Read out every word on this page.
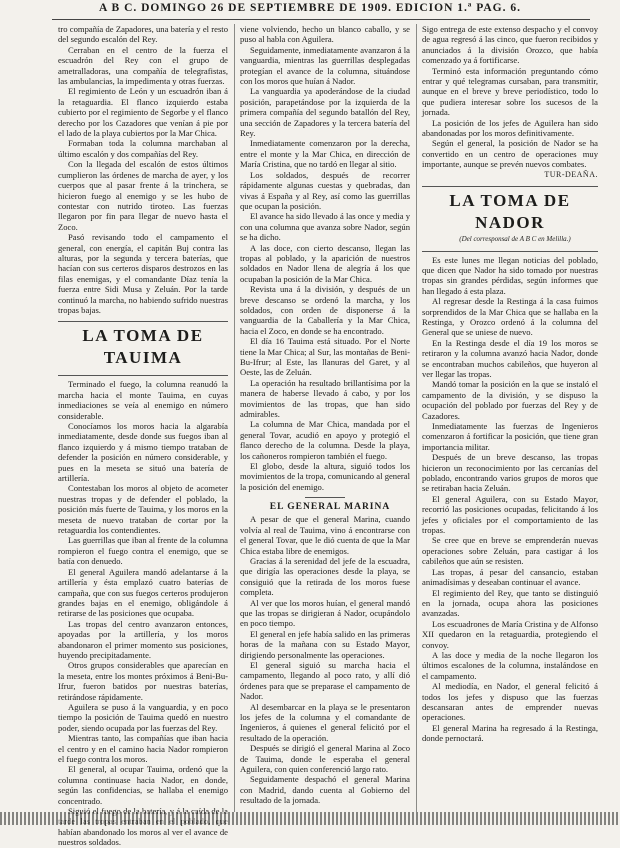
A B C. DOMINGO 26 DE SEPTIEMBRE DE 1909. EDICION 1.ª PAG. 6.

tro compañía de Zapadores, una batería y el resto del segundo escalón del Rey.

Cerraban en el centro de la fuerza el escuadrón del Rey con el grupo de ametralladoras, una compañía de telegrafistas, las ambulancias, la impedimenta y otras fuerzas.

El regimiento de León y un escuadrón iban á la retaguardia. El flanco izquierdo estaba cubierto por el regimiento de Segorbe y el flanco derecho por los Cazadores que venían á pie por el lado de la playa cubiertos por la Mar Chica.

Formaban toda la columna marchaban al último escalón y dos compañías del Rey.

Con la llegada del escalón de estos últimos cumplieron las órdenes de marcha de ayer, y los cuerpos que al pasar frente á la trinchera, se hicieron fuego al enemigo y se les hubo de contestar con nutrido tiroteo. Las fuerzas llegaron por fin para llegar de nuevo hasta el Zoco.

Pasó revisando todo el campamento el general, con energía, el capitán Buj contra las alturas, por la segunda y tercera baterías, que hacían con sus certeros disparos destrozos en las filas enemigas, y el comandante Díaz tenía la fuerza entre Sidi Musa y Zeluán. Por la tarde continuó la marcha, no habiendo sufrido nuestras tropas bajas.

LA TOMA DE TAUIMA

Terminado el fuego, la columna reanudó la marcha hacia el monte Tauima, en cuyas inmediaciones se veía al enemigo en número considerable.

Conocíamos los moros hacia la algarabía inmediatamente, desde donde sus fuegos iban al flanco izquierdo y á mismo tiempo trataban de defender la posición en número considerable, y pues en la meseta se situó una batería de artillería.

Contestaban los moros al objeto de acometer nuestras tropas y de defender el poblado, la posición más fuerte de Tauima, y los moros en la meseta de nuevo trataban de cortar por la retaguardia los contendientes.

Las guerrillas que iban al frente de la columna rompieron el fuego contra el enemigo, que se batía con denuedo.

El general Aguilera mandó adelantarse á la artillería y ésta emplazó cuatro baterías de campaña, que con sus fuegos certeros produjeron grandes bajas en el enemigo, obligándole á retirarse de las posiciones que ocupaba.

Las tropas del centro avanzaron entonces, apoyadas por la artillería, y los moros abandonaron el primer momento sus posiciones, huyendo precipitadamente.

Otros grupos considerables que aparecían en la meseta, entre los montes próximos á Beni-Bu-Ifrur, fueron batidos por nuestras baterías, retirándose rápidamente.

Aguilera se puso á la vanguardia, y en poco tiempo la posición de Tauima quedó en nuestro poder, siendo ocupada por las fuerzas del Rey.

Mientras tanto, las compañías que iban hacia el centro y en el camino hacia Nador rompieron el fuego contra los moros.

El general, al ocupar Tauima, ordenó que la columna continuase hacia Nador, en donde, según las confidencias, se hallaba el enemigo concentrado.

habían abandonado los moros al ver el avance de nuestros soldados.

viene volviendo, hecho un blanco caballo, y se puso al habla con Aguilera.

Seguidamente, inmediatamente avanzaron á la vanguardia, mientras las guerrillas desplegadas protegían el avance de la columna, situándose con los moros que huían á Nador.

La vanguardia ya apoderándose de la ciudad posición, parapetándose por la izquierda de la primera compañía del segundo batallón del Rey, una sección de Zapadores y la tercera batería del Rey.

Inmediatamente comenzaron por la derecha, entre el monte y la Mar Chica, en dirección de María Cristina, que no tardó en llegar al sitio.

Los soldados, después de recorrer rápidamente algunas cuestas y quebradas, dan vivas á España y al Rey, así como las guerrillas que ocupan la posición.

El avance ha sido llevado á las once y media y con una columna que avanza sobre Nador, según se ha dicho.

A las doce, con cierto descanso, llegan las tropas al poblado, y la aparición de nuestros soldados en Nador llena de alegría á los que ocupaban la posición de la Mar Chica.

Revista una á la división, y después de un breve descanso se ordenó la marcha, y los soldados, con orden de disponerse á la vanguardia de la Caballería y la Mar Chica, hacia el Zoco, en donde se ha encontrado.

El día 16 Tauima está situado. Por el Norte tiene la Mar Chica; al Sur, las montañas de Beni-Bu-Ifrur; al Este, las llanuras del Garet, y al Oeste, las de Zeluán.

La operación ha resultado brillantísima por la manera de haberse llevado á cabo, y por los movimientos de las tropas, que han sido admirables.

La columna de Mar Chica, mandada por el general Tovar, acudió en apoyo y protegió el flanco derecho de la columna. Desde la playa, los cañoneros rompieron también el fuego.

El globo, desde la altura, siguió todos los movimientos de la tropa, comunicando al general la posición del enemigo.

EL GENERAL MARINA

A pesar de que el general Marina, cuando volvía al real de Tauima, vino á encontrarse con el general Tovar, que le dió cuenta de que la Mar Chica estaba libre de enemigos.

Gracias á la serenidad del jefe de la escuadra, que dirigía las operaciones desde la playa, se consiguió que la retirada de los moros fuese completa.

Al ver que los moros huían, el general mandó que las tropas se dirigieran á Nador, ocupándolo en poco tiempo.

El general en jefe había salido en las primeras horas de la mañana con su Estado Mayor, dirigiendo personalmente las operaciones.

El general siguió su marcha hacia el campamento, llegando al poco rato, y allí dió órdenes para que se preparase el campamento de Nador.

Al desembarcar en la playa se le presentaron los jefes de la columna y el comandante de Ingenieros, á quienes el general felicitó por el resultado de la operación.

Después se dirigió el general Marina al Zoco de Tauima, donde le esperaba el general Aguilera, con quien conferenció largo rato.

Seguidamente despachó el general Marina con Madrid, dando cuenta al Gobierno del resultado de la jornada.

Sigo entrega de este extenso despacho y el convoy de agua regresó á las cinco, que fueron recibidos y anunciados á la división Orozco, que había comenzado ya á fortificarse.

Terminó esta información preguntando cómo entrar y qué telegramas cursaban, para transmitir, aunque en el breve y breve periodístico, todo lo que pudiera interesar sobre los sucesos de la jornada.

La posición de los jefes de Aguilera han sido abandonadas por los moros definitivamente.

Según el general, la posición de Nador se ha convertido en un centro de operaciones muy importante, aunque se prevén nuevos combates.

TUR-DEAÑA.

LA TOMA DE NADOR

(Del corresponsal de A B C en Melilla.)

Es este lunes me llegan noticias del poblado, que dicen que Nador ha sido tomado por nuestras tropas sin grandes pérdidas, según informes que han llegado á esta plaza.

Al regresar desde la Restinga á la casa fuimos sorprendidos de la Mar Chica que se hallaba en la Restinga, y Orozco ordenó á la columna del General que se uniese de nuevo.

En la Restinga desde el día 19 los moros se retiraron y la columna avanzó hacia Nador, donde se encontraban muchos cabileños, que huyeron al ver llegar las tropas.

Mandó tomar la posición en la que se instaló el campamento de la división, y se dispuso la ocupación del poblado por fuerzas del Rey y de Cazadores.

Inmediatamente las fuerzas de Ingenieros comenzaron á fortificar la posición, que tiene gran importancia militar.

Después de un breve descanso, las tropas hicieron un reconocimiento por las cercanías del poblado, encontrando varios grupos de moros que se retiraban hacia Zeluán.

El general Aguilera, con su Estado Mayor, recorrió las posiciones ocupadas, felicitando á los jefes y oficiales por el comportamiento de las tropas.

Se cree que en breve se emprenderán nuevas operaciones sobre Zeluán, para castigar á los cabileños que aún se resisten.

Las tropas, á pesar del cansancio, estaban animadísimas y deseaban continuar el avance.

El regimiento del Rey, que tanto se distinguió en la jornada, ocupa ahora las posiciones avanzadas.

Los escuadrones de María Cristina y de Alfonso XII quedaron en la retaguardia, protegiendo el convoy.

A las doce y media de la noche llegaron los últimos escalones de la columna, instalándose en el campamento.

Al mediodía, en Nador, el general felicitó á todos los jefes y dispuso que las fuerzas descansaran antes de emprender nuevas operaciones.

El general Marina ha regresado á la Restinga, donde pernoctará.
